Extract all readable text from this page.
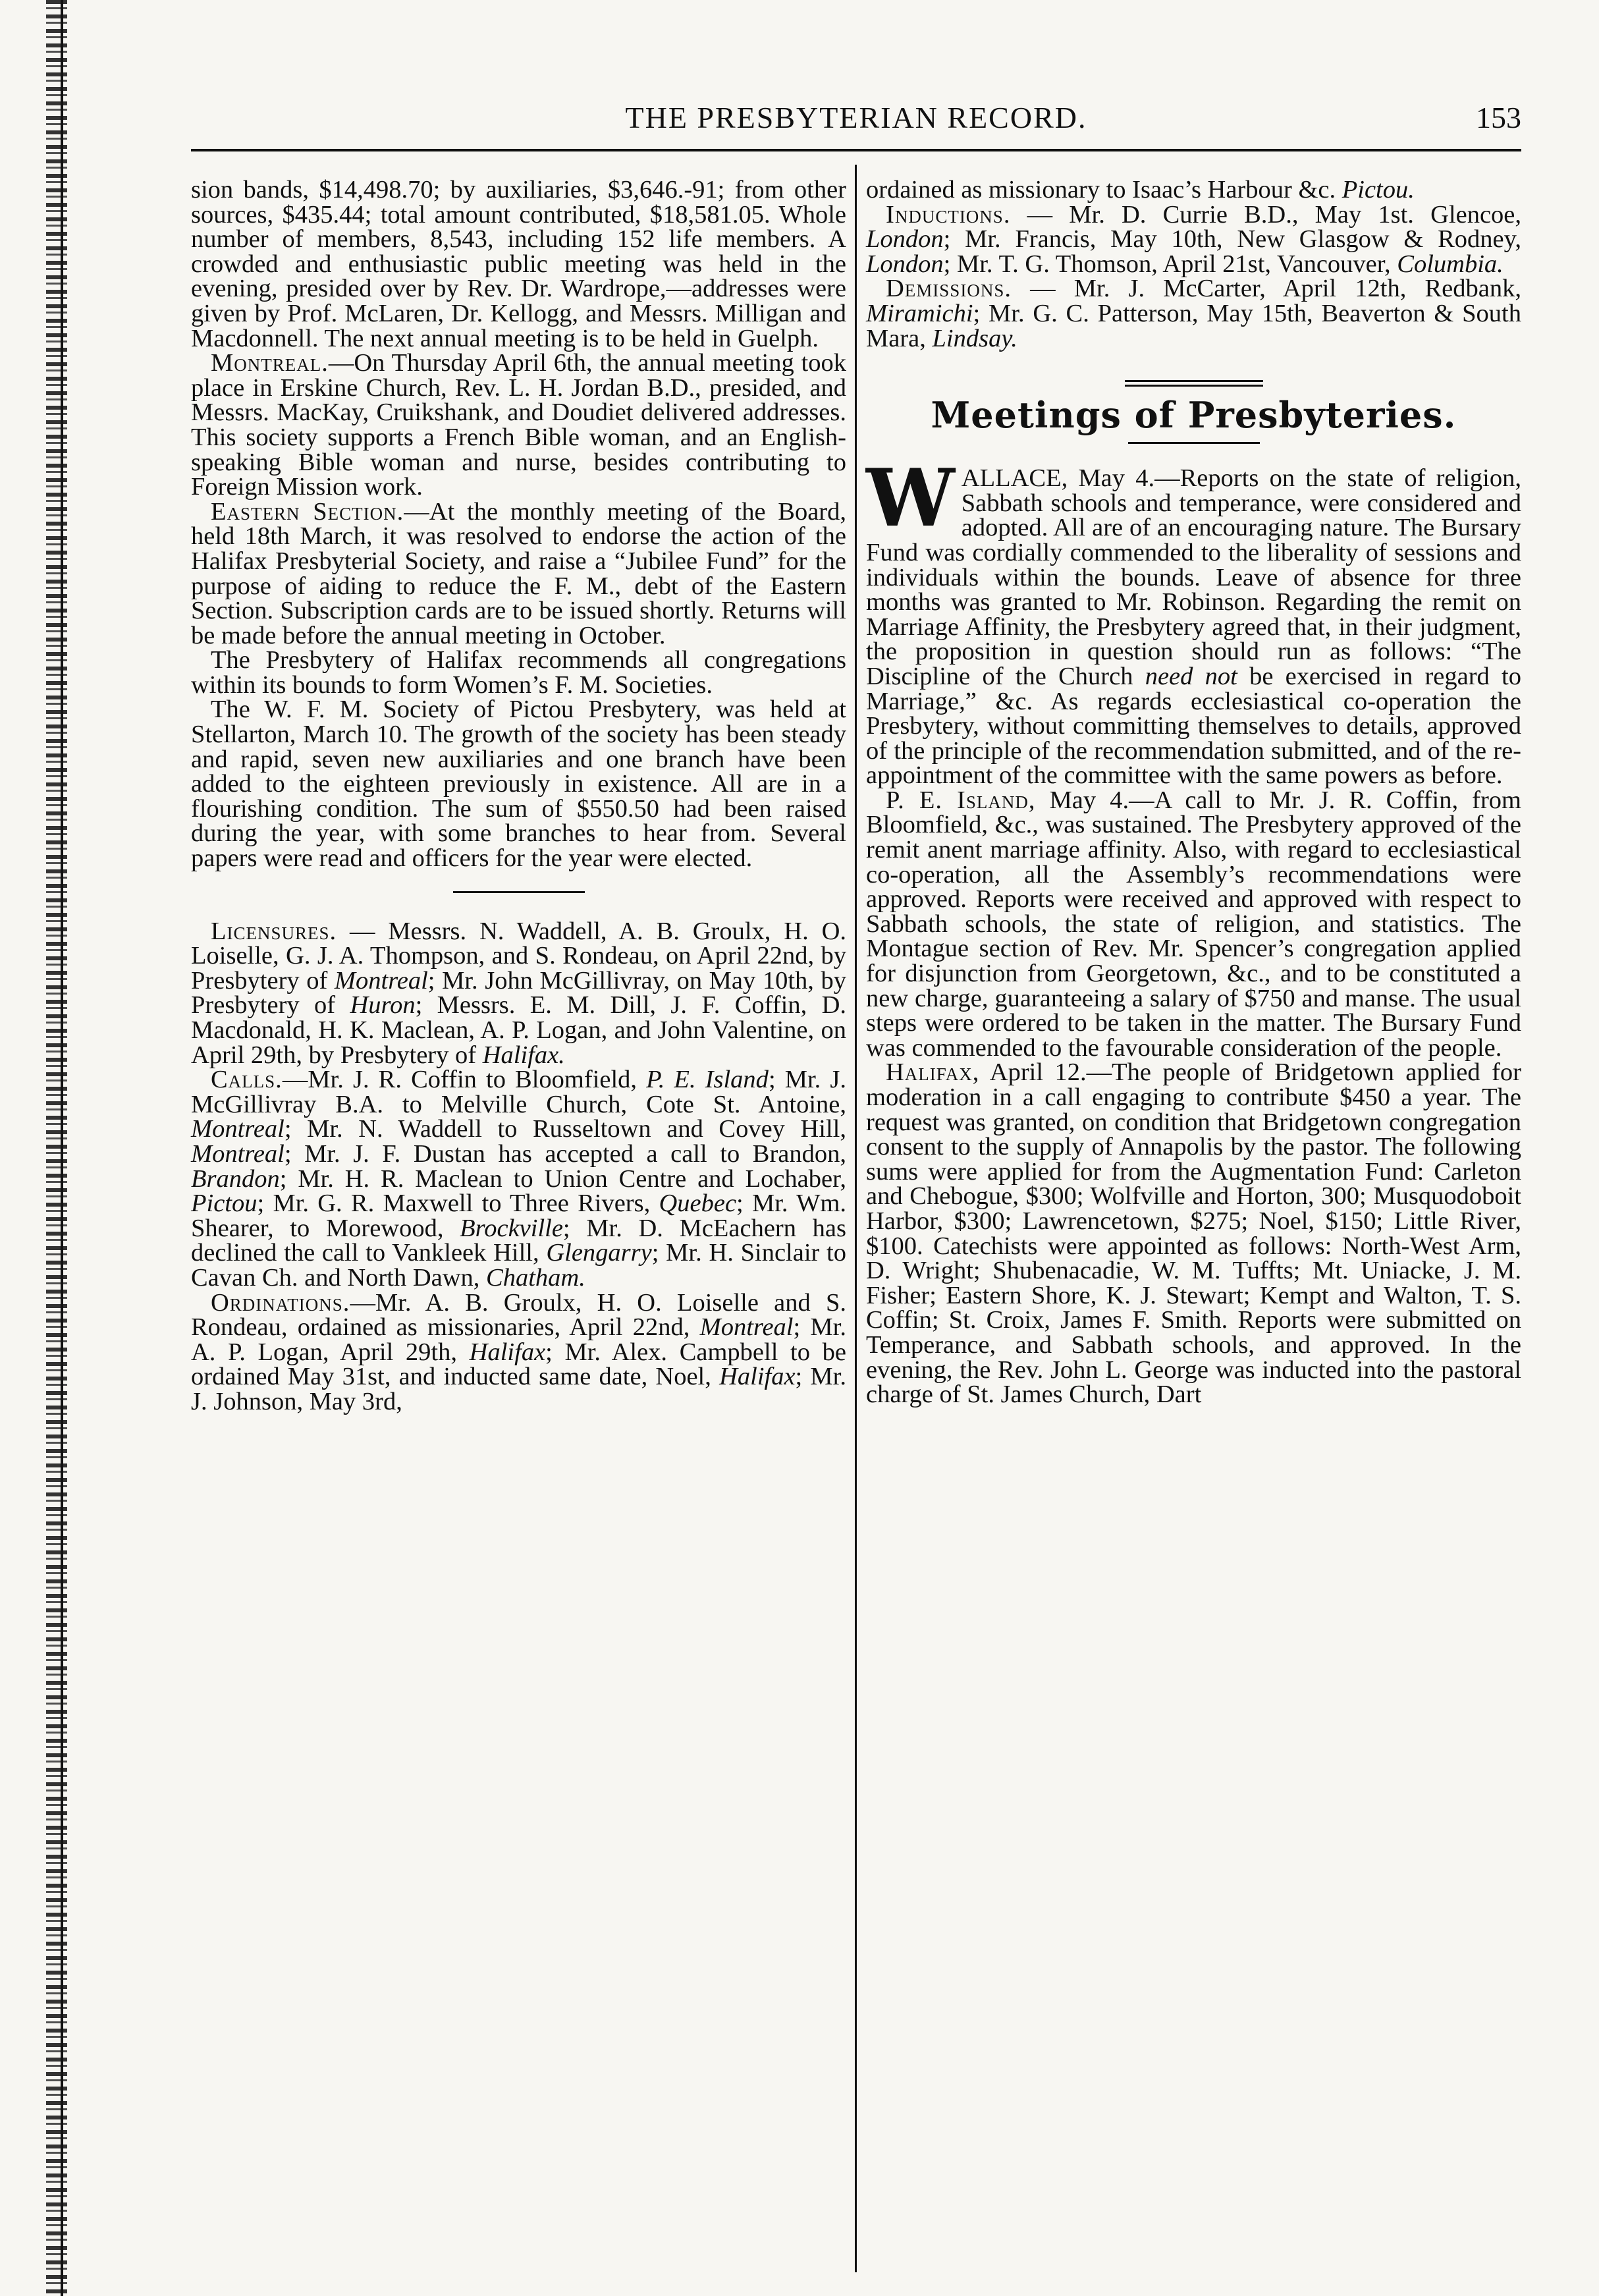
THE PRESBYTERIAN RECORD.	153

sion bands, $14,498.70; by auxiliaries, $3,646.-91; from other sources, $435.44; total amount contributed, $18,581.05. Whole number of members, 8,543, including 152 life members. A crowded and enthusiastic public meeting was held in the evening, presided over by Rev. Dr. Wardrope,—addresses were given by Prof. McLaren, Dr. Kellogg, and Messrs. Milligan and Macdonnell. The next annual meeting is to be held in Guelph.

Montreal.—On Thursday April 6th, the annual meeting took place in Erskine Church, Rev. L. H. Jordan B.D., presided, and Messrs. MacKay, Cruikshank, and Doudiet delivered addresses. This society supports a French Bible woman, and an English-speaking Bible woman and nurse, besides contributing to Foreign Mission work.

Eastern Section.—At the monthly meeting of the Board, held 18th March, it was resolved to endorse the action of the Halifax Presbyterial Society, and raise a “Jubilee Fund” for the purpose of aiding to reduce the F. M., debt of the Eastern Section. Subscription cards are to be issued shortly. Returns will be made before the annual meeting in October.

The Presbytery of Halifax recommends all congregations within its bounds to form Women’s F. M. Societies.

The W. F. M. Society of Pictou Presbytery, was held at Stellarton, March 10. The growth of the society has been steady and rapid, seven new auxiliaries and one branch have been added to the eighteen previously in existence. All are in a flourishing condition. The sum of $550.50 had been raised during the year, with some branches to hear from. Several papers were read and officers for the year were elected.

Licensures. — Messrs. N. Waddell, A. B. Groulx, H. O. Loiselle, G. J. A. Thompson, and S. Rondeau, on April 22nd, by Presbytery of Montreal; Mr. John McGillivray, on May 10th, by Presbytery of Huron; Messrs. E. M. Dill, J. F. Coffin, D. Macdonald, H. K. Maclean, A. P. Logan, and John Valentine, on April 29th, by Presbytery of Halifax.

Calls.—Mr. J. R. Coffin to Bloomfield, P. E. Island; Mr. J. McGillivray B.A. to Melville Church, Cote St. Antoine, Montreal; Mr. N. Waddell to Russeltown and Covey Hill, Montreal; Mr. J. F. Dustan has accepted a call to Brandon, Brandon; Mr. H. R. Maclean to Union Centre and Lochaber, Pictou; Mr. G. R. Maxwell to Three Rivers, Quebec; Mr. Wm. Shearer, to Morewood, Brockville; Mr. D. McEachern has declined the call to Vankleek Hill, Glengarry; Mr. H. Sinclair to Cavan Ch. and North Dawn, Chatham.

Ordinations.—Mr. A. B. Groulx, H. O. Loiselle and S. Rondeau, ordained as missionaries, April 22nd, Montreal; Mr. A. P. Logan, April 29th, Halifax; Mr. Alex. Campbell to be ordained May 31st, and inducted same date, Noel, Halifax; Mr. J. Johnson, May 3rd,

ordained as missionary to Isaac’s Harbour &c. Pictou.

Inductions. — Mr. D. Currie B.D., May 1st. Glencoe, London; Mr. Francis, May 10th, New Glasgow & Rodney, London; Mr. T. G. Thomson, April 21st, Vancouver, Columbia.

Demissions. — Mr. J. McCarter, April 12th, Redbank, Miramichi; Mr. G. C. Patterson, May 15th, Beaverton & South Mara, Lindsay.

Meetings of Presbyteries.

WALLACE, May 4.—Reports on the state of religion, Sabbath schools and temperance, were considered and adopted. All are of an encouraging nature. The Bursary Fund was cordially commended to the liberality of sessions and individuals within the bounds. Leave of absence for three months was granted to Mr. Robinson. Regarding the remit on Marriage Affinity, the Presbytery agreed that, in their judgment, the proposition in question should run as follows: “The Discipline of the Church need not be exercised in regard to Marriage,” &c. As regards ecclesiastical co-operation the Presbytery, without committing themselves to details, approved of the principle of the recommendation submitted, and of the re-appointment of the committee with the same powers as before.

P. E. Island, May 4.—A call to Mr. J. R. Coffin, from Bloomfield, &c., was sustained. The Presbytery approved of the remit anent marriage affinity. Also, with regard to ecclesiastical co-operation, all the Assembly’s recommendations were approved. Reports were received and approved with respect to Sabbath schools, the state of religion, and statistics. The Montague section of Rev. Mr. Spencer’s congregation applied for disjunction from Georgetown, &c., and to be constituted a new charge, guaranteeing a salary of $750 and manse. The usual steps were ordered to be taken in the matter. The Bursary Fund was commended to the favourable consideration of the people.

Halifax, April 12.—The people of Bridgetown applied for moderation in a call engaging to contribute $450 a year. The request was granted, on condition that Bridgetown congregation consent to the supply of Annapolis by the pastor. The following sums were applied for from the Augmentation Fund: Carleton and Chebogue, $300; Wolfville and Horton, 300; Musquodoboit Harbor, $300; Lawrencetown, $275; Noel, $150; Little River, $100. Catechists were appointed as follows: North-West Arm, D. Wright; Shubenacadie, W. M. Tuffts; Mt. Uniacke, J. M. Fisher; Eastern Shore, K. J. Stewart; Kempt and Walton, T. S. Coffin; St. Croix, James F. Smith. Reports were submitted on Temperance, and Sabbath schools, and approved. In the evening, the Rev. John L. George was inducted into the pastoral charge of St. James Church, Dart
